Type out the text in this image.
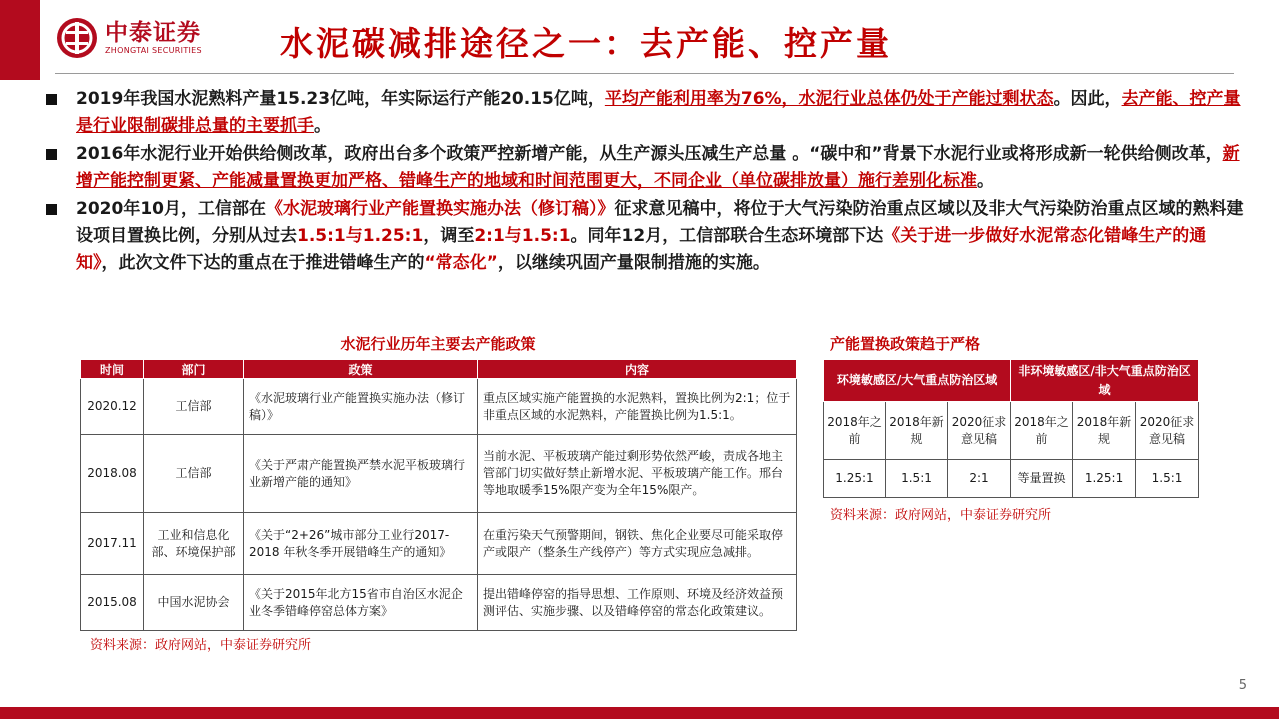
中泰证券
ZHONGTAI SECURITIES 水泥碳减排途径之一：去产能、控产量
2019年我国水泥熟料产量15.23亿吨，年实际运行产能20.15亿吨，平均产能利用率为76%，水泥行业总体仍处于产能过剩状态。因此，去产能、控产量是行业限制碳排总量的主要抓手。
2016年水泥行业开始供给侧改革，政府出台多个政策严控新增产能，从生产源头压减生产总量 。“碳中和”背景下水泥行业或将形成新一轮供给侧改革，新增产能控制更紧、产能减量置换更加严格、错峰生产的地域和时间范围更大，不同企业（单位碳排放量）施行差别化标准。
2020年10月，工信部在《水泥玻璃行业产能置换实施办法（修订稿）》征求意见稿中，将位于大气污染防治重点区域以及非大气污染防治重点区域的熟料建设项目置换比例，分别从过去1.5:1与1.25:1，调至2:1与1.5:1。同年12月，工信部联合生态环境部下达《关于进一步做好水泥常态化错峰生产的通知》，此次文件下达的重点在于推进错峰生产的“常态化”，以继续巩固产量限制措施的实施。
水泥行业历年主要去产能政策
时间	部门	政策	内容
2020.12	工信部	《水泥玻璃行业产能置换实施办法（修订稿）》	重点区域实施产能置换的水泥熟料，置换比例为2:1；位于非重点区域的水泥熟料，产能置换比例为1.5:1。
2018.08	工信部	《关于严肃产能置换严禁水泥平板玻璃行业新增产能的通知》	当前水泥、平板玻璃产能过剩形势依然严峻，责成各地主管部门切实做好禁止新增水泥、平板玻璃产能工作。邢台等地取暖季15%限产变为全年15%限产。
2017.11	工业和信息化部、环境保护部	《关于“2+26”城市部分工业行2017-2018 年秋冬季开展错峰生产的通知》	在重污染天气预警期间，钢铁、焦化企业要尽可能采取停产或限产（整条生产线停产）等方式实现应急减排。
2015.08	中国水泥协会	《关于2015年北方15省市自治区水泥企业冬季错峰停窑总体方案》	提出错峰停窑的指导思想、工作原则、环境及经济效益预测评估、实施步骤、以及错峰停窑的常态化政策建议。
资料来源：政府网站，中泰证券研究所
产能置换政策趋于严格
环境敏感区/大气重点防治区域			非环境敏感区/非大气重点防治区域		
2018年之前	2018年新规	2020征求意见稿	2018年之前	2018年新规	2020征求意见稿
1.25:1	1.5:1	2:1	等量置换	1.25:1	1.5:1
资料来源：政府网站，中泰证券研究所
5
